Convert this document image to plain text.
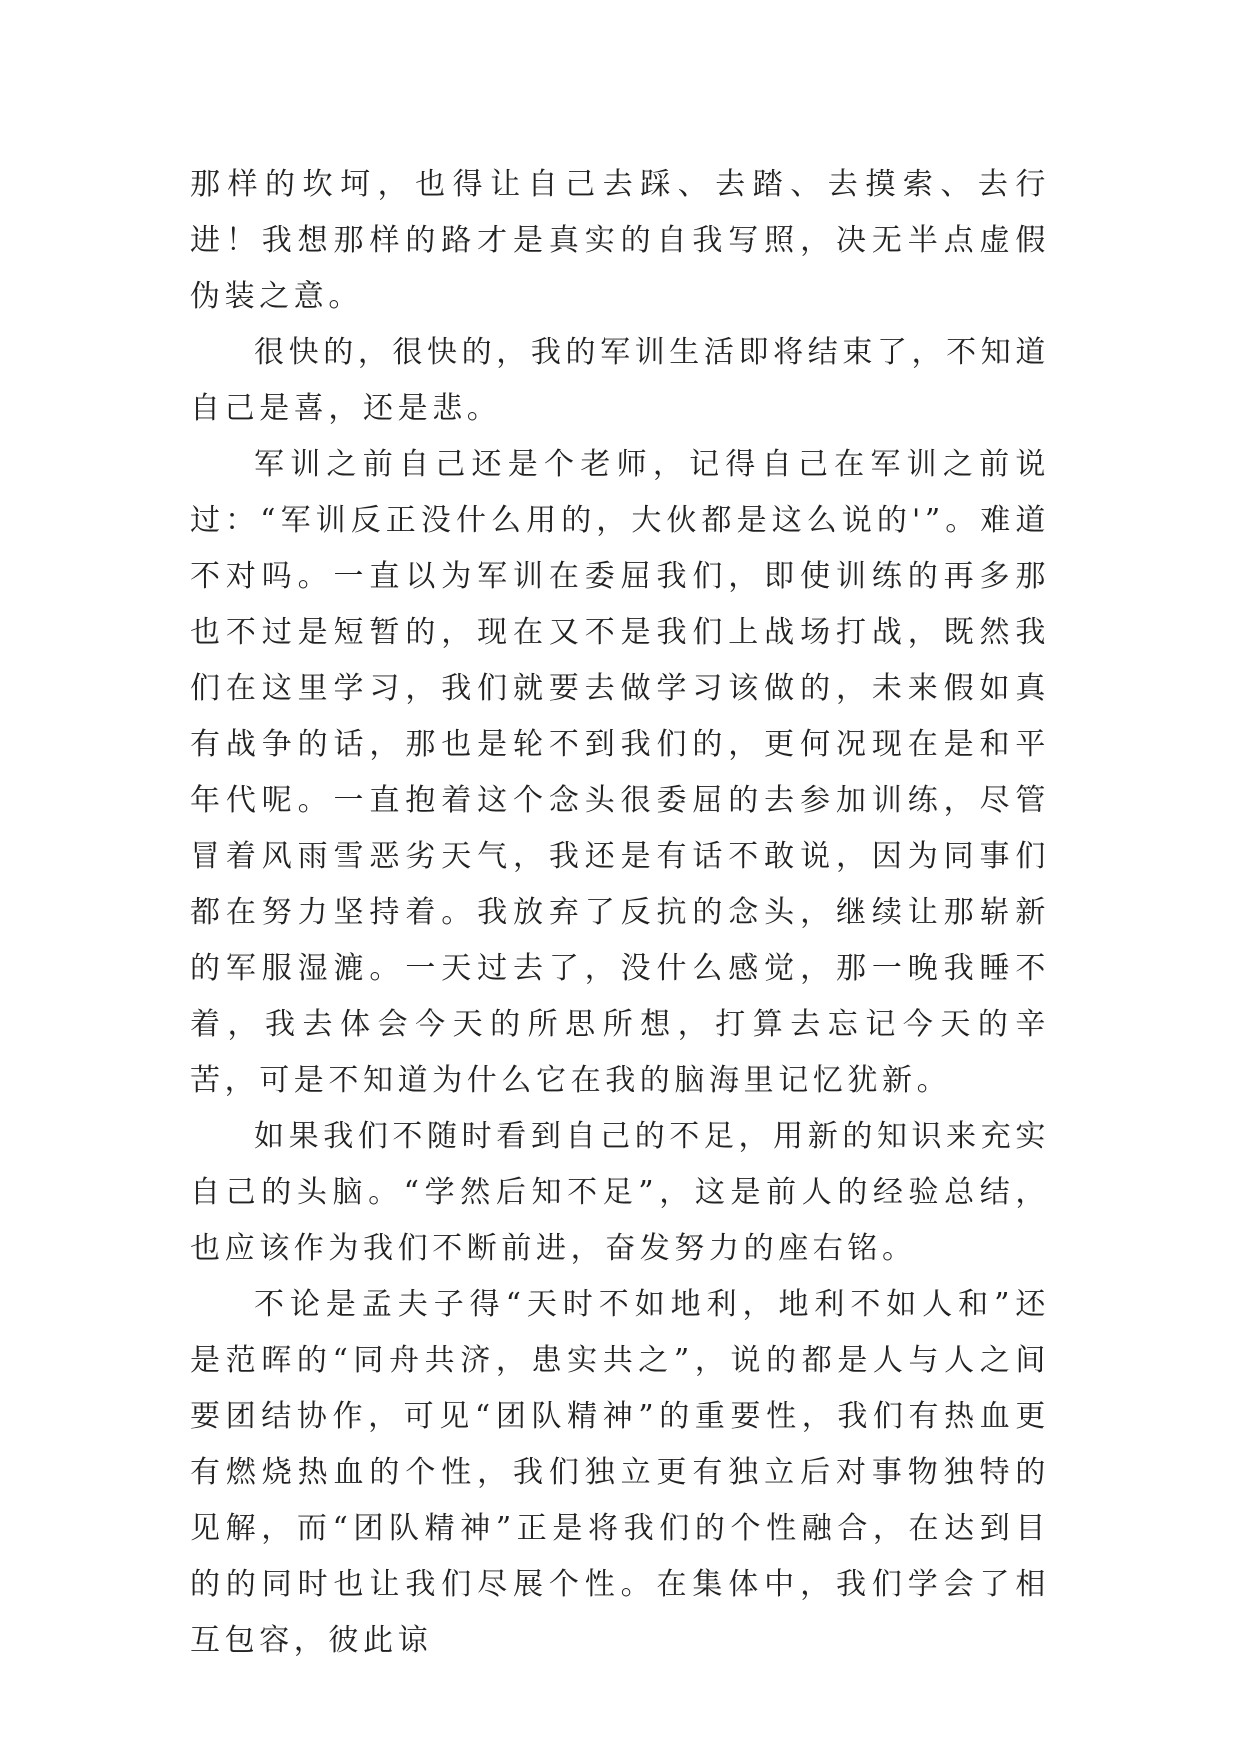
那样的坎坷，也得让自己去踩、去踏、去摸索、去行进！我想那样的路才是真实的自我写照，决无半点虚假伪装之意。

很快的，很快的，我的军训生活即将结束了，不知道自己是喜，还是悲。

军训之前自己还是个老师，记得自己在军训之前说过：“军训反正没什么用的，大伙都是这么说的'”。难道不对吗。一直以为军训在委屈我们，即使训练的再多那也不过是短暂的，现在又不是我们上战场打战，既然我们在这里学习，我们就要去做学习该做的，未来假如真有战争的话，那也是轮不到我们的，更何况现在是和平年代呢。一直抱着这个念头很委屈的去参加训练，尽管冒着风雨雪恶劣天气，我还是有话不敢说，因为同事们都在努力坚持着。我放弃了反抗的念头，继续让那崭新的军服湿漉。一天过去了，没什么感觉，那一晚我睡不着，我去体会今天的所思所想，打算去忘记今天的辛苦，可是不知道为什么它在我的脑海里记忆犹新。

如果我们不随时看到自己的不足，用新的知识来充实自己的头脑。“学然后知不足”，这是前人的经验总结，也应该作为我们不断前进，奋发努力的座右铭。

不论是孟夫子得“天时不如地利，地利不如人和”还是范晖的“同舟共济，患实共之”，说的都是人与人之间要团结协作，可见“团队精神”的重要性，我们有热血更有燃烧热血的个性，我们独立更有独立后对事物独特的见解，而“团队精神”正是将我们的个性融合，在达到目的的同时也让我们尽展个性。在集体中，我们学会了相互包容，彼此谅
